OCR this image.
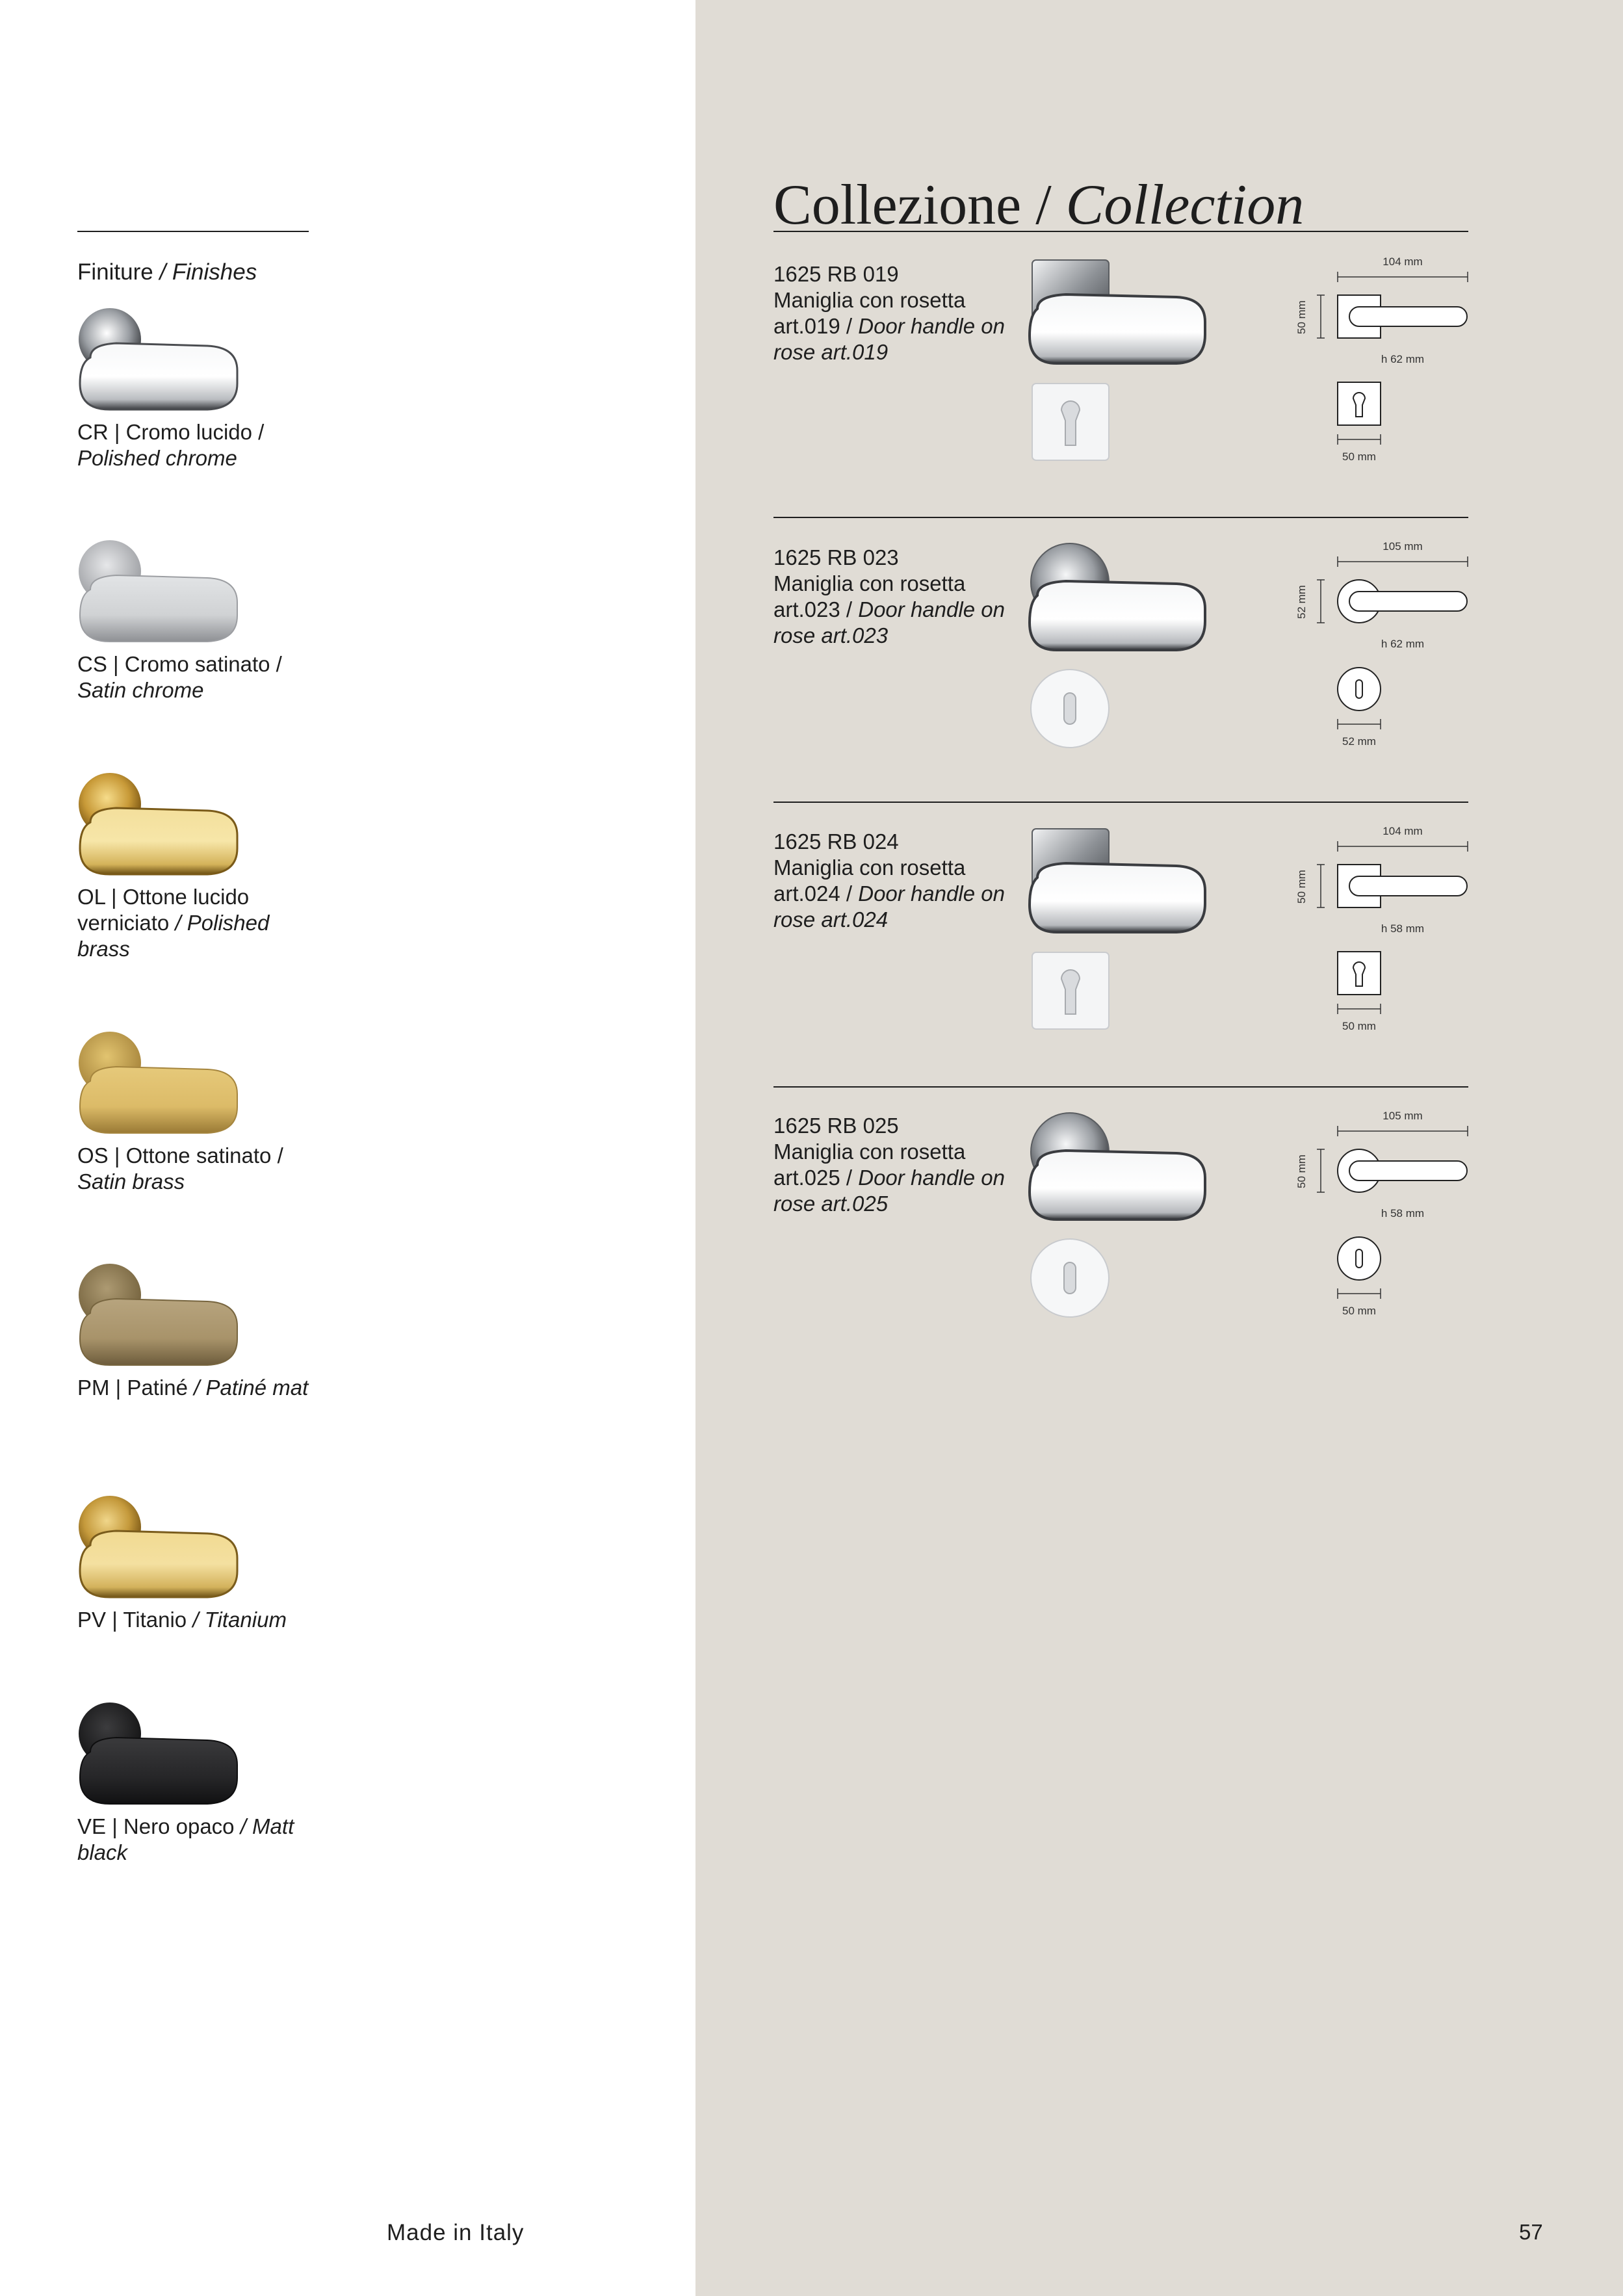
Finiture / Finishes
CR | Cromo lucido /
Polished chrome
CS | Cromo satinato /
Satin chrome
OL | Ottone lucido verniciato / Polished brass
OS | Ottone satinato /
Satin brass
PM | Patiné / Patiné mat
PV | Titanio / Titanium
VE | Nero opaco / Matt black
Collezione / Collection
1625 RB 019
Maniglia con rosetta art.019 / Door handle on rose art.019
104 mm
50 mm
h 62 mm
50 mm
1625 RB 023
Maniglia con rosetta art.023 / Door handle on rose art.023
105 mm
52 mm
h 62 mm
52 mm
1625 RB 024
Maniglia con rosetta art.024 / Door handle on rose art.024
104 mm
50 mm
h 58 mm
50 mm
1625 RB 025
Maniglia con rosetta art.025 / Door handle on rose art.025
105 mm
50 mm
h 58 mm
50 mm
Made in Italy	57
